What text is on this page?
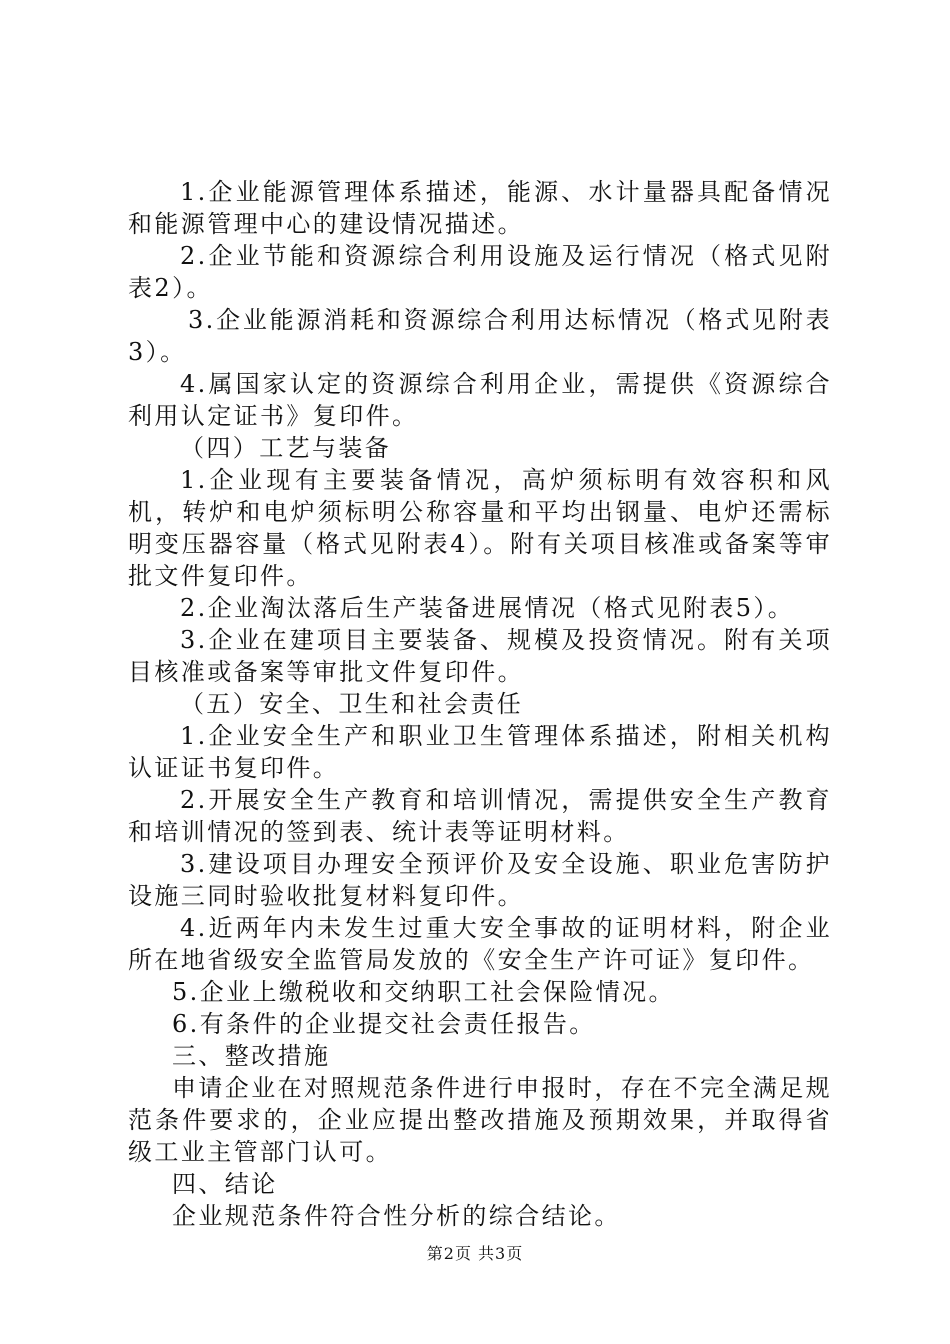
1.企业能源管理体系描述，能源、水计量器具配备情况和能源管理中心的建设情况描述。

2.企业节能和资源综合利用设施及运行情况（格式见附表2）。

3.企业能源消耗和资源综合利用达标情况（格式见附表3）。

4.属国家认定的资源综合利用企业，需提供《资源综合利用认定证书》复印件。

（四）工艺与装备

1.企业现有主要装备情况，高炉须标明有效容积和风机，转炉和电炉须标明公称容量和平均出钢量、电炉还需标明变压器容量（格式见附表4）。附有关项目核准或备案等审批文件复印件。

2.企业淘汰落后生产装备进展情况（格式见附表5）。

3.企业在建项目主要装备、规模及投资情况。附有关项目核准或备案等审批文件复印件。

（五）安全、卫生和社会责任

1.企业安全生产和职业卫生管理体系描述，附相关机构认证证书复印件。

2.开展安全生产教育和培训情况，需提供安全生产教育和培训情况的签到表、统计表等证明材料。

3.建设项目办理安全预评价及安全设施、职业危害防护设施三同时验收批复材料复印件。

4.近两年内未发生过重大安全事故的证明材料，附企业所在地省级安全监管局发放的《安全生产许可证》复印件。

5.企业上缴税收和交纳职工社会保险情况。

6.有条件的企业提交社会责任报告。

三、整改措施

申请企业在对照规范条件进行申报时，存在不完全满足规范条件要求的，企业应提出整改措施及预期效果，并取得省级工业主管部门认可。

四、结论

企业规范条件符合性分析的综合结论。

第2页 共3页
